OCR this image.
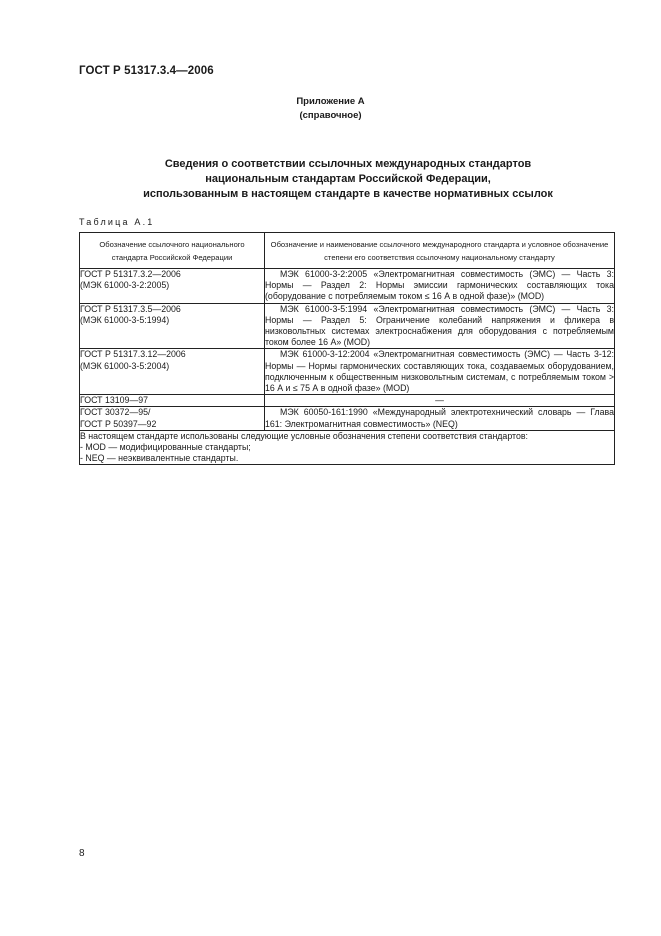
ГОСТ Р 51317.3.4—2006
Приложение А
(справочное)
Сведения о соответствии ссылочных международных стандартов
национальным стандартам Российской Федерации,
использованным в настоящем стандарте в качестве нормативных ссылок
Таблица А.1
Обозначение ссылочного национального стандарта Российской Федерации	Обозначение и наименование ссылочного международного стандарта и условное обозначение степени его соответствия ссылочному национальному стандарту

ГОСТ Р 51317.3.2—2006
(МЭК 61000-3-2:2005)	МЭК 61000-3-2:2005 «Электромагнитная совместимость (ЭМС) — Часть 3: Нормы — Раздел 2: Нормы эмиссии гармонических составляющих тока (оборудование с потребляемым током ≤ 16 А в одной фазе)» (MOD)

ГОСТ Р 51317.3.5—2006
(МЭК 61000-3-5:1994)	МЭК 61000-3-5:1994 «Электромагнитная совместимость (ЭМС) — Часть 3: Нормы — Раздел 5: Ограничение колебаний напряжения и фликера в низковольтных системах электроснабжения для оборудования с потребляемым током более 16 А» (MOD)

ГОСТ Р 51317.3.12—2006
(МЭК 61000-3-5:2004)	МЭК 61000-3-12:2004 «Электромагнитная совместимость (ЭМС) — Часть 3-12: Нормы — Нормы гармонических составляющих тока, создаваемых оборудованием, подключенным к общественным низковольтным системам, с потребляемым током > 16 А и ≤ 75 А в одной фазе» (MOD)

ГОСТ 13109—97	—

ГОСТ 30372—95/
ГОСТ Р 50397—92	МЭК 60050-161:1990 «Международный электротехнический словарь — Глава 161: Электромагнитная совместимость» (NEQ)

В настоящем стандарте использованы следующие условные обозначения степени соответствия стандартов:
- MOD — модифицированные стандарты;
- NEQ — неэквивалентные стандарты.	
8
